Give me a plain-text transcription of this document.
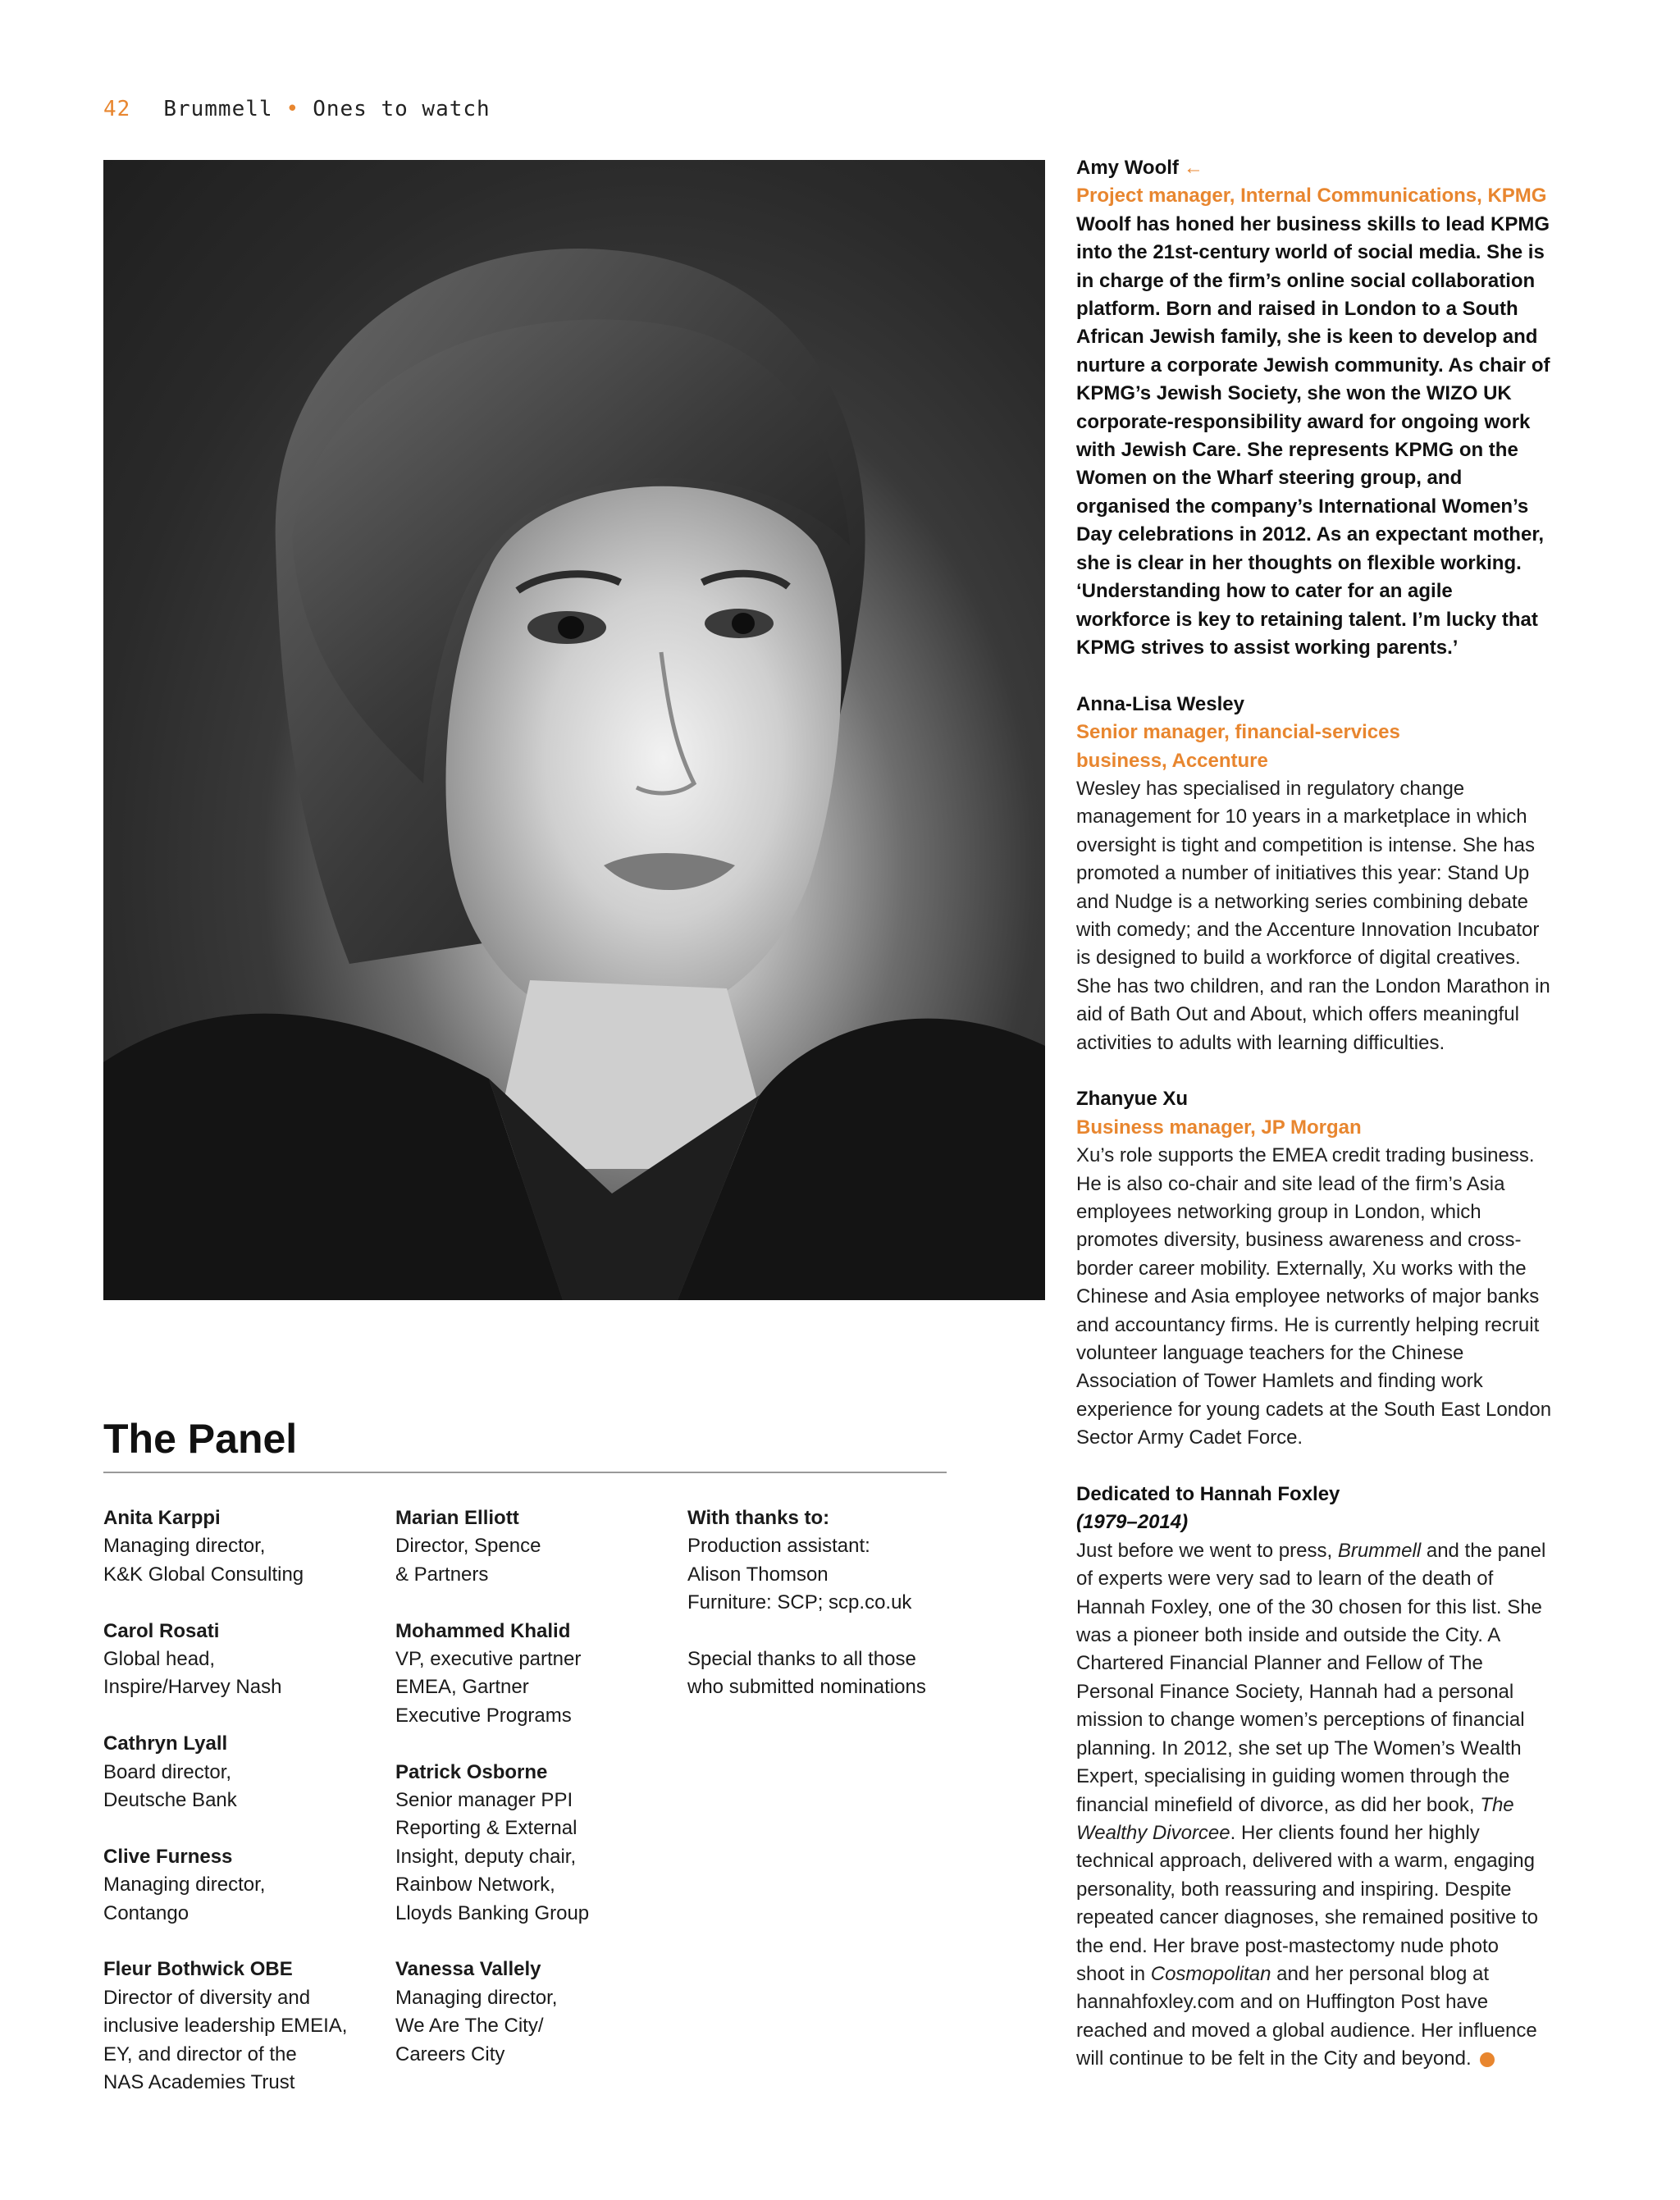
42 Brummell • Ones to watch
The Panel
Anita Karppi
Managing director,
K&K Global Consulting
Carol Rosati
Global head,
Inspire/Harvey Nash
Cathryn Lyall
Board director,
Deutsche Bank
Clive Furness
Managing director,
Contango
Fleur Bothwick OBE
Director of diversity and
inclusive leadership EMEIA,
EY, and director of the
NAS Academies Trust
Marian Elliott
Director, Spence
& Partners
Mohammed Khalid
VP, executive partner
EMEA, Gartner
Executive Programs
Patrick Osborne
Senior manager PPI
Reporting & External
Insight, deputy chair,
Rainbow Network,
Lloyds Banking Group
Vanessa Vallely
Managing director,
We Are The City/
Careers City
With thanks to:
Production assistant:
Alison Thomson
Furniture: SCP; scp.co.uk
Special thanks to all those
who submitted nominations
Amy Woolf ←
Project manager, Internal Communications, KPMG
Woolf has honed her business skills to lead KPMG into the 21st-century world of social media. She is in charge of the firm’s online social collaboration platform. Born and raised in London to a South African Jewish family, she is keen to develop and nurture a corporate Jewish community. As chair of KPMG’s Jewish Society, she won the WIZO UK corporate-responsibility award for ongoing work with Jewish Care. She represents KPMG on the Women on the Wharf steering group, and organised the company’s International Women’s Day celebrations in 2012. As an expectant mother, she is clear in her thoughts on flexible working. ‘Understanding how to cater for an agile workforce is key to retaining talent. I’m lucky that KPMG strives to assist working parents.’
Anna-Lisa Wesley
Senior manager, financial-services business, Accenture
Wesley has specialised in regulatory change management for 10 years in a marketplace in which oversight is tight and competition is intense. She has promoted a number of initiatives this year: Stand Up and Nudge is a networking series combining debate with comedy; and the Accenture Innovation Incubator is designed to build a workforce of digital creatives. She has two children, and ran the London Marathon in aid of Bath Out and About, which offers meaningful activities to adults with learning difficulties.
Zhanyue Xu
Business manager, JP Morgan
Xu’s role supports the EMEA credit trading business. He is also co-chair and site lead of the firm’s Asia employees networking group in London, which promotes diversity, business awareness and cross-border career mobility. Externally, Xu works with the Chinese and Asia employee networks of major banks and accountancy firms. He is currently helping recruit volunteer language teachers for the Chinese Association of Tower Hamlets and finding work experience for young cadets at the South East London Sector Army Cadet Force.
Dedicated to Hannah Foxley
(1979–2014)
Just before we went to press, Brummell and the panel of experts were very sad to learn of the death of Hannah Foxley, one of the 30 chosen for this list. She was a pioneer both inside and outside the City. A Chartered Financial Planner and Fellow of The Personal Finance Society, Hannah had a personal mission to change women’s perceptions of financial planning. In 2012, she set up The Women’s Wealth Expert, specialising in guiding women through the financial minefield of divorce, as did her book, The Wealthy Divorcee. Her clients found her highly technical approach, delivered with a warm, engaging personality, both reassuring and inspiring. Despite repeated cancer diagnoses, she remained positive to the end. Her brave post-mastectomy nude photo shoot in Cosmopolitan and her personal blog at hannahfoxley.com and on Huffington Post have reached and moved a global audience. Her influence will continue to be felt in the City and beyond.
